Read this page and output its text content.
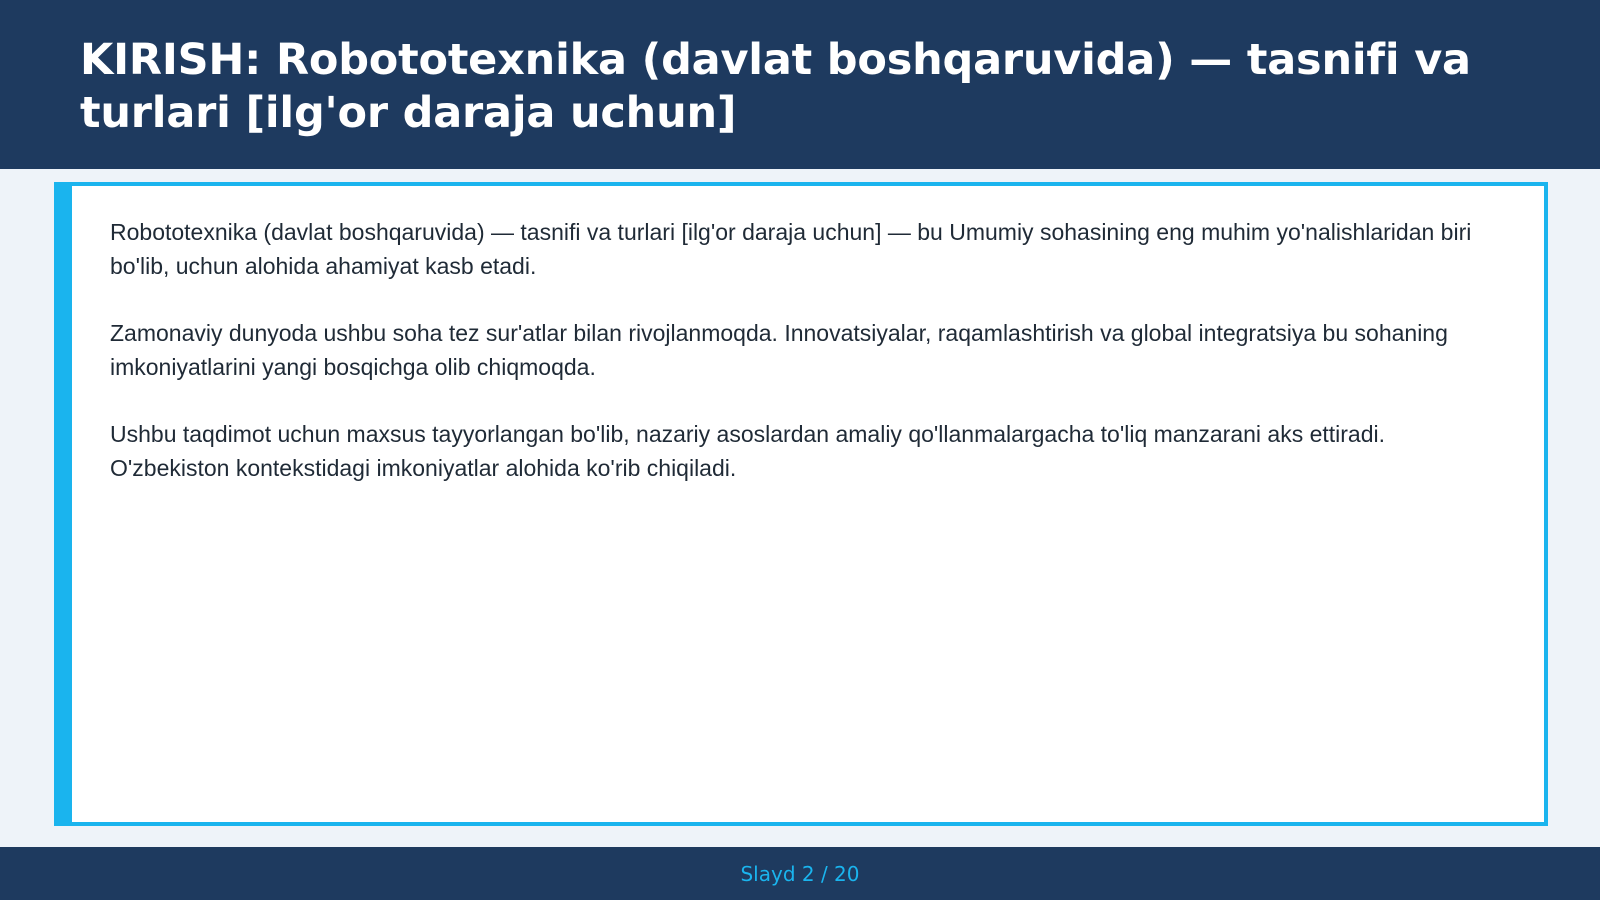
KIRISH: Robototexnika (davlat boshqaruvida) — tasnifi va turlari [ilg'or daraja uchun]

Robototexnika (davlat boshqaruvida) — tasnifi va turlari [ilg'or daraja uchun] — bu Umumiy sohasining eng muhim yo'nalishlaridan biri bo'lib, uchun alohida ahamiyat kasb etadi.

Zamonaviy dunyoda ushbu soha tez sur'atlar bilan rivojlanmoqda. Innovatsiyalar, raqamlashtirish va global integratsiya bu sohaning imkoniyatlarini yangi bosqichga olib chiqmoqda.

Ushbu taqdimot uchun maxsus tayyorlangan bo'lib, nazariy asoslardan amaliy qo'llanmalargacha to'liq manzarani aks ettiradi. O'zbekiston kontekstidagi imkoniyatlar alohida ko'rib chiqiladi.

Slayd 2 / 20
